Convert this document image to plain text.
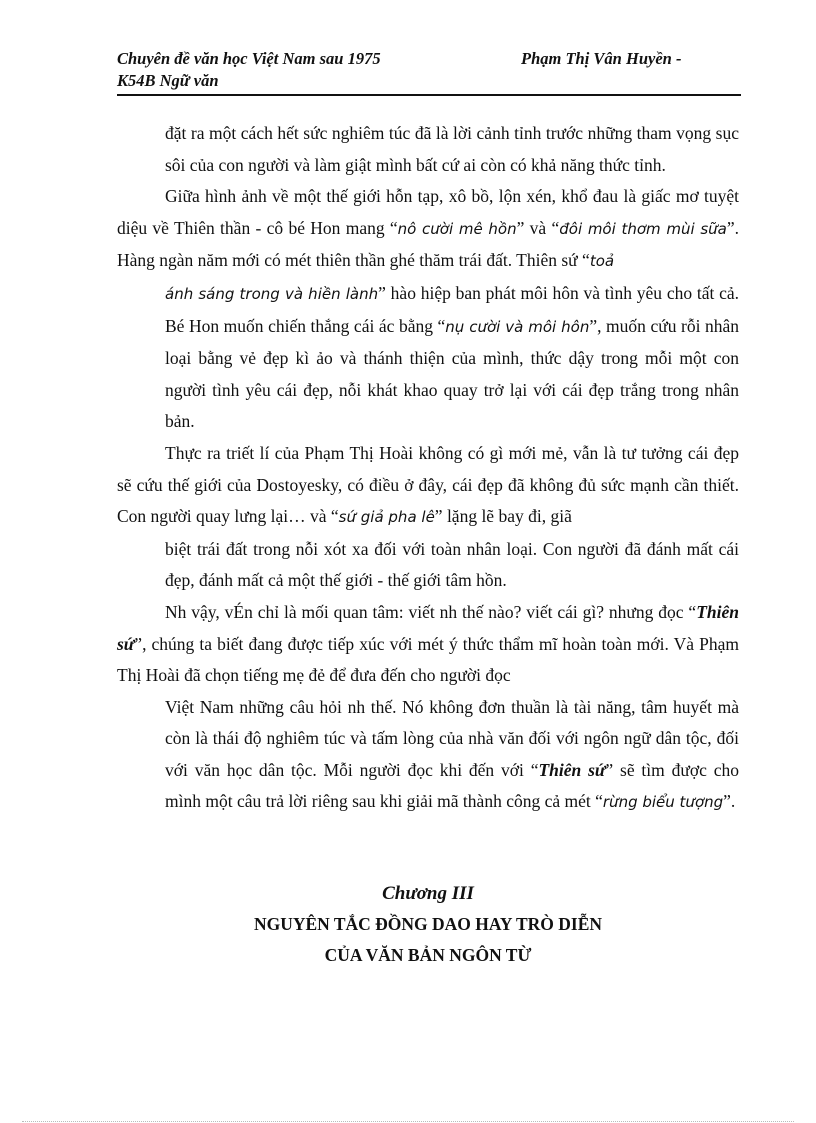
Chuyên đề văn học Việt Nam sau 1975	Phạm Thị Vân Huyền -
K54B Ngữ văn

đặt ra một cách hết sức nghiêm túc đã là lời cảnh tỉnh trước những tham vọng sục sôi của con người và làm giật mình bất cứ ai còn có khả năng thức tỉnh.

Giữa hình ảnh về một thế giới hỗn tạp, xô bồ, lộn xén, khổ đau là giấc mơ tuyệt diệu về Thiên thần - cô bé Hon mang “nô cười mê hồn” và “đôi môi thơm mùi sữa”. Hàng ngàn năm mới có mét thiên thần ghé thăm trái đất. Thiên sứ “toả

ánh sáng trong và hiền lành” hào hiệp ban phát môi hôn và tình yêu cho tất cả. Bé Hon muốn chiến thắng cái ác bằng “nụ cười và môi hôn”, muốn cứu rỗi nhân loại bằng vẻ đẹp kì ảo và thánh thiện của mình, thức dậy trong mỗi một con người tình yêu cái đẹp, nỗi khát khao quay trở lại với cái đẹp trắng trong nhân bản.

Thực ra triết lí của Phạm Thị Hoài không có gì mới mẻ, vẫn là tư tưởng cái đẹp sẽ cứu thế giới của Dostoyesky, có điều ở đây, cái đẹp đã không đủ sức mạnh cần thiết. Con người quay lưng lại… và “sứ giả pha lê” lặng lẽ bay đi, giã

biệt trái đất trong nỗi xót xa đối với toàn nhân loại. Con người đã đánh mất cái đẹp, đánh mất cả một thế giới - thế giới tâm hồn.

Nh vậy, vÉn chỉ là mối quan tâm: viết nh thế nào? viết cái gì? nhưng đọc “Thiên sứ”, chúng ta biết đang được tiếp xúc với mét ý thức thẩm mĩ hoàn toàn mới. Và Phạm Thị Hoài đã chọn tiếng mẹ đẻ để đưa đến cho người đọc

Việt Nam những câu hỏi nh thế. Nó không đơn thuần là tài năng, tâm huyết mà còn là thái độ nghiêm túc và tấm lòng của nhà văn đối với ngôn ngữ dân tộc, đối với văn học dân tộc. Mỗi người đọc khi đến với “Thiên sứ” sẽ tìm được cho mình một câu trả lời riêng sau khi giải mã thành công cả mét “rừng biểu tượng”.

Chương III
NGUYÊN TẮC ĐỒNG DAO HAY TRÒ DIỄN
CỦA VĂN BẢN NGÔN TỪ
